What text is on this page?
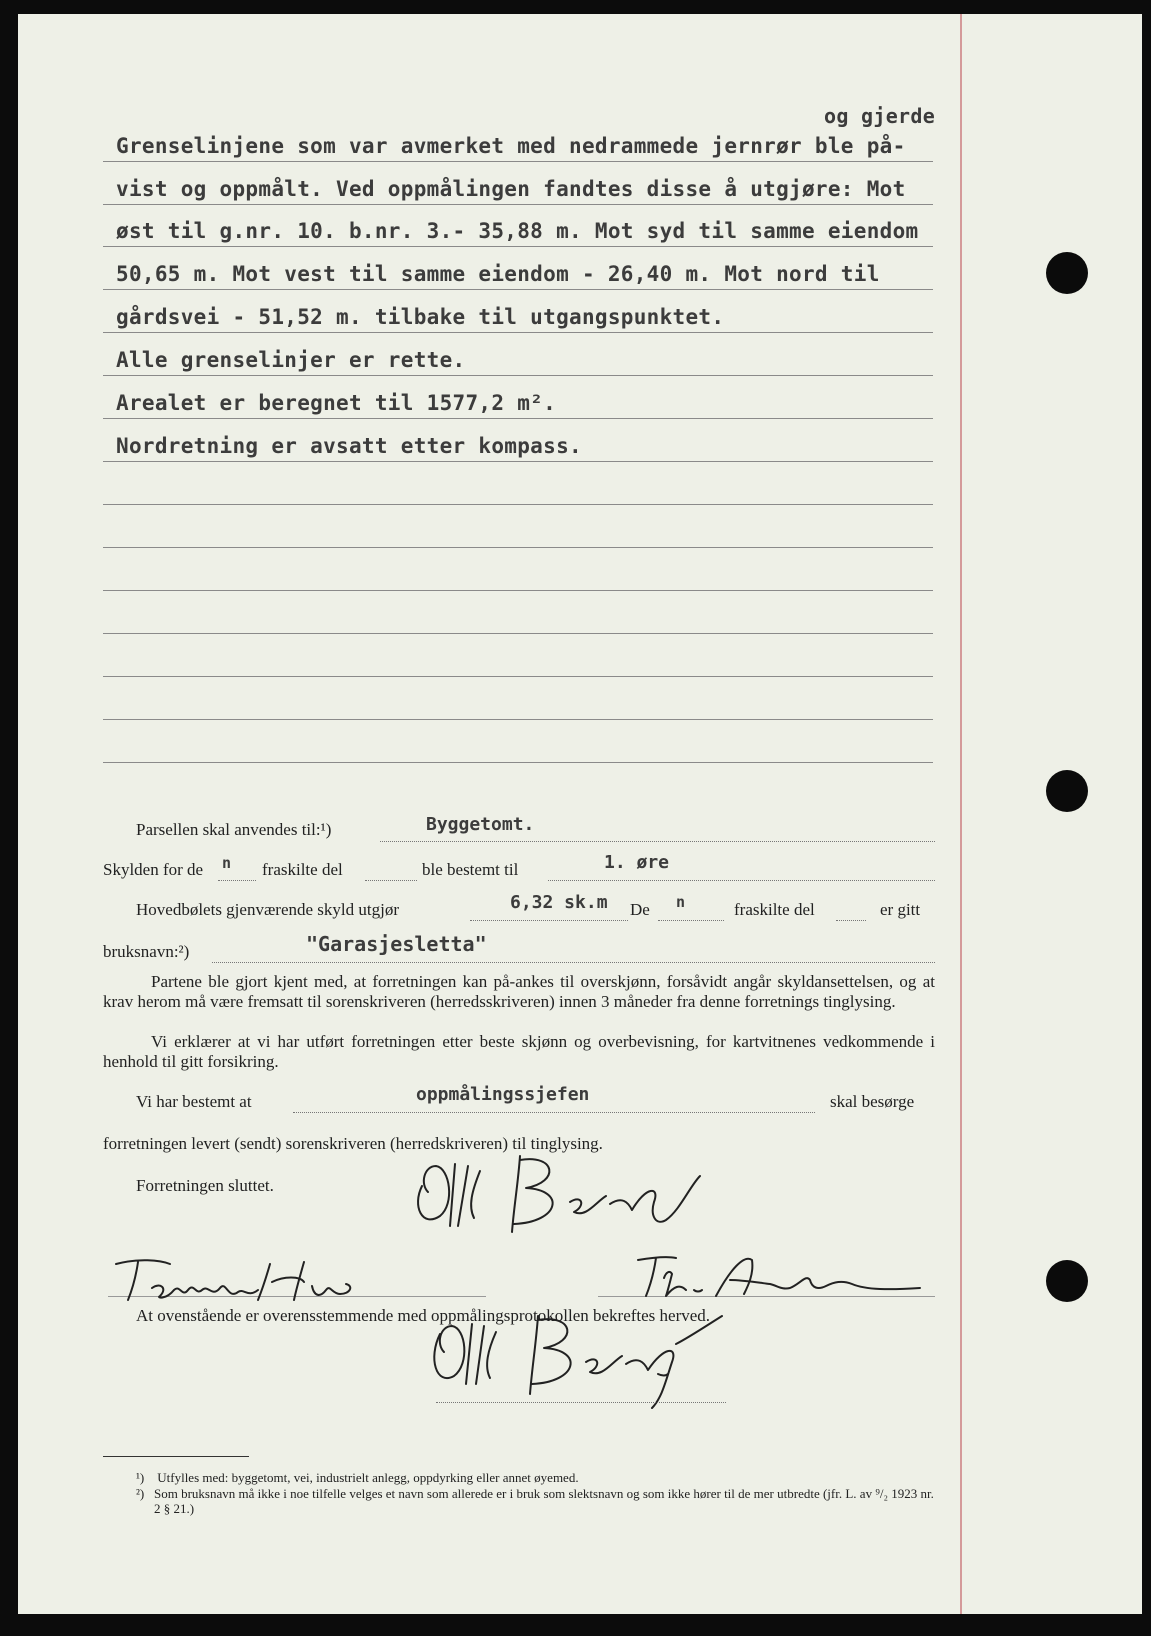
og gjerde
Grenselinjene som var avmerket med nedrammede jernrør ble på-
vist og oppmålt. Ved oppmålingen fandtes disse å utgjøre: Mot
øst til g.nr. 10. b.nr. 3.- 35,88 m. Mot syd til samme eiendom
50,65 m. Mot vest til samme eiendom - 26,40 m. Mot nord til
gårdsvei - 51,52 m. tilbake til utgangspunktet.
Alle grenselinjer er rette.
Arealet er beregnet til 1577,2 m².
Nordretning er avsatt etter kompass.
Parsellen skal anvendes til:¹)	Byggetomt.
Skylden for de n fraskilte del	ble bestemt til	1. øre
Hovedbølets gjenværende skyld utgjør	6,32 sk.m De n	fraskilte del	er gitt
bruksnavn:²)	"Garasjesletta"
Partene ble gjort kjent med, at forretningen kan på-ankes til overskjønn, forsåvidt angår skyldansettelsen, og at krav herom må være fremsatt til sorenskriveren (herredsskriveren) innen 3 måneder fra denne forretnings tinglysing.
Vi erklærer at vi har utført forretningen etter beste skjønn og overbevisning, for kartvitnenes vedkommende i henhold til gitt forsikring.
Vi har bestemt at	oppmålingssjefen	skal besørge
forretningen levert (sendt) sorenskriveren (herredskriveren) til tinglysing.
Forretningen sluttet.
At ovenstående er overensstemmende med oppmålingsprotokollen bekreftes herved.
¹) Utfylles med: byggetomt, vei, industrielt anlegg, oppdyrking eller annet øyemed.
²) Som bruksnavn må ikke i noe tilfelle velges et navn som allerede er i bruk som slektsnavn og som ikke hører til de mer utbredte (jfr. L. av ⁹/₂ 1923 nr. 2 § 21.)
